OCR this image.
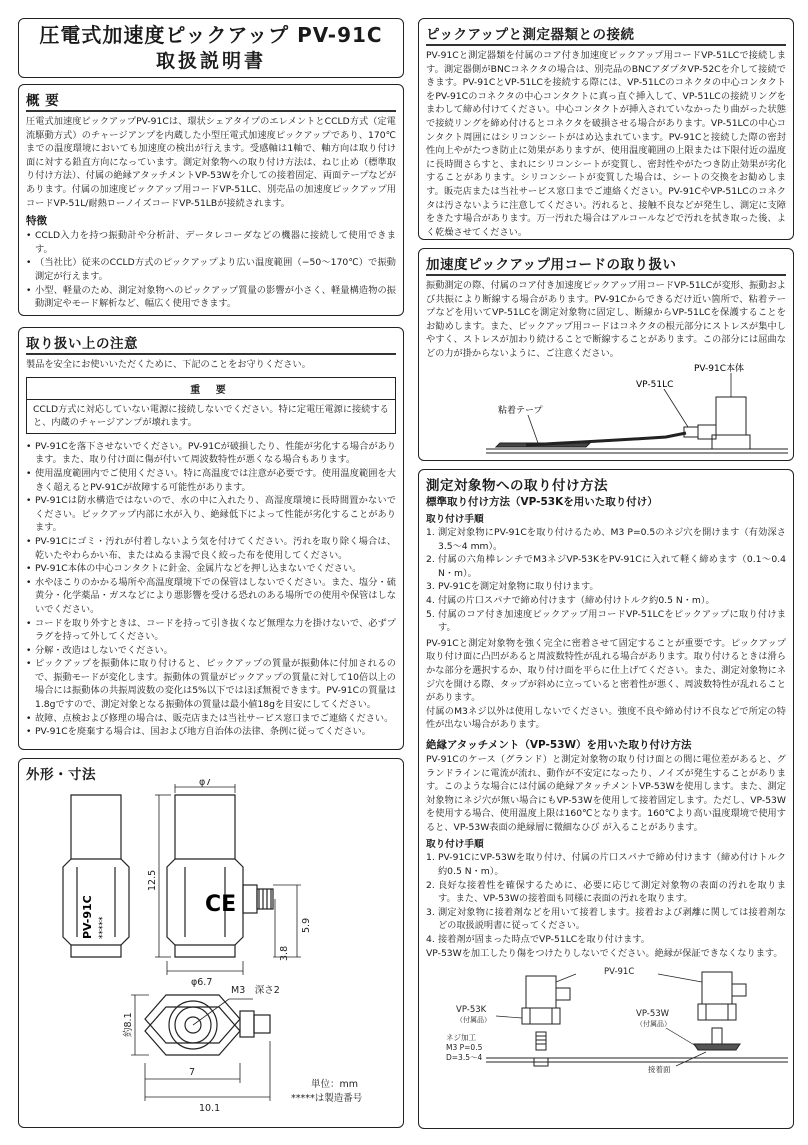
圧電式加速度ピックアップ PV-91C
取扱説明書
概 要

圧電式加速度ピックアップPV-91Cは、環状シェアタイプのエレメントとCCLD方式（定電流駆動方式）のチャージアンプを内蔵した小型圧電式加速度ピックアップであり、170℃までの温度環境においても加速度の検出が行えます。受感軸は1軸で、軸方向は取り付け面に対する鉛直方向になっています。測定対象物への取り付け方法は、ねじ止め（標準取り付け方法）、付属の絶縁アタッチメントVP-53Wを介しての接着固定、両面テープなどがあります。付属の加速度ピックアップ用コードVP-51LC、別売品の加速度ピックアップ用コードVP-51L/耐熱ローノイズコードVP-51LBが接続されます。

特徴
• CCLD入力を持つ振動計や分析計、データレコーダなどの機器に接続して使用できます。
• （当社比）従来のCCLD方式のピックアップより広い温度範囲（−50〜170℃）で振動測定が行えます。
• 小型、軽量のため、測定対象物へのピックアップ質量の影響が小さく、軽量構造物の振動測定やモード解析など、幅広く使用できます。
取り扱い上の注意

製品を安全にお使いいただくために、下記のことをお守りください。

重 要
CCLD方式に対応していない電源に接続しないでください。特に定電圧電源に接続すると、内蔵のチャージアンプが壊れます。
• PV-91Cを落下させないでください。PV-91Cが破損したり、性能が劣化する場合があります。また、取り付け面に傷が付いて周波数特性が悪くなる場合もあります。
• 使用温度範囲内でご使用ください。特に高温度では注意が必要です。使用温度範囲を大きく超えるとPV-91Cが故障する可能性があります。
• PV-91Cは防水構造ではないので、水の中に入れたり、高湿度環境に長時間置かないでください。ピックアップ内部に水が入り、絶縁低下によって性能が劣化することがあります。
• PV-91Cにゴミ・汚れが付着しないよう気を付けてください。汚れを取り除く場合は、乾いたやわらかい布、またはぬるま湯で良く絞った布を使用してください。
• PV-91C本体の中心コンタクトに針金、金属片などを押し込まないでください。
• 水やほこりのかかる場所や高温度環境下での保管はしないでください。また、塩分・硫黄分・化学薬品・ガスなどにより悪影響を受ける恐れのある場所での使用や保管はしないでください。
• コードを取り外すときは、コードを持って引き抜くなど無理な力を掛けないで、必ずプラグを持って外してください。
• 分解・改造はしないでください。
• ピックアップを振動体に取り付けると、ピックアップの質量が振動体に付加されるので、振動モードが変化します。振動体の質量がピックアップの質量に対して10倍以上の場合には振動体の共振周波数の変化は5%以下ではほぼ無視できます。PV-91Cの質量は1.8gですので、測定対象となる振動体の質量は最小値18gを目安にしてください。
• 故障、点検および修理の場合は、販売店または当社サービス窓口までご連絡ください。
• PV-91Cを廃棄する場合は、国および地方自治体の法律、条例に従ってください。
外形・寸法
CE
PV-91C *****
φ7
12.5
3.8
5.9
φ6.7
M3　深さ2
約8.1
7
10.1
単位：mm
*****は製造番号
ピックアップと測定器類との接続

PV-91Cと測定器類を付属のコア付き加速度ピックアップ用コードVP-51LCで接続します。測定器側がBNCコネクタの場合は、別売品のBNCアダプタVP-52Cを介して接続できます。PV-91CとVP-51LCを接続する際には、VP-51LCのコネクタの中心コンタクトをPV-91Cのコネクタの中心コンタクトに真っ直ぐ挿入して、VP-51LCの接続リングをまわして締め付けてください。中心コンタクトが挿入されていなかったり曲がった状態で接続リングを締め付けるとコネクタを破損させる場合があります。VP-51LCの中心コンタクト周囲にはシリコンシートがはめ込まれています。PV-91Cと接続した際の密封性向上やがたつき防止に効果がありますが、使用温度範囲の上限または下限付近の温度に長時間さらすと、まれにシリコンシートが変質し、密封性やがたつき防止効果が劣化することがあります。シリコンシートが変質した場合は、シートの交換をお勧めします。販売店または当社サービス窓口までご連絡ください。PV-91CやVP-51LCのコネクタは汚さないように注意してください。汚れると、接触不良などが発生し、測定に支障をきたす場合があります。万一汚れた場合はアルコールなどで汚れを拭き取った後、よく乾燥させてください。

加速度ピックアップ用コードの取り扱い

振動測定の際、付属のコア付き加速度ピックアップ用コードVP-51LCが変形、振動および共振により断線する場合があります。PV-91Cからできるだけ近い箇所で、粘着テープなどを用いてVP-51LCを測定対象物に固定し、断線からVP-51LCを保護することをお勧めします。また、ピックアップ用コードはコネクタの根元部分にストレスが集中しやすく、ストレスが加わり続けることで断線することがあります。この部分には屈曲などの力が掛からないように、ご注意ください。

PV-91C本体
VP-51LC
粘着テープ
測定対象物への取り付け方法
標準取り付け方法（VP-53Kを用いた取り付け）
取り付け手順
1. 測定対象物にPV-91Cを取り付けるため、M3 P=0.5のネジ穴を開けます（有効深さ3.5〜4 mm）。
2. 付属の六角棒レンチでM3ネジVP-53KをPV-91Cに入れて軽く締めます（0.1〜0.4 N・m）。
3. PV-91Cを測定対象物に取り付けます。
4. 付属の片口スパナで締め付けます（締め付けトルク約0.5 N・m）。
5. 付属のコア付き加速度ピックアップ用コードVP-51LCをピックアップに取り付けます。

PV-91Cと測定対象物を強く完全に密着させて固定することが重要です。ピックアップ取り付け面に凸凹があると周波数特性が乱れる場合があります。取り付けるときは滑らかな部分を選択するか、取り付け面を平らに仕上げてください。また、測定対象物にネジ穴を開ける際、タップが斜めに立っていると密着性が悪く、周波数特性が乱れることがあります。

付属のM3ネジ以外は使用しないでください。強度不良や締め付け不良などで所定の特性が出ない場合があります。

絶縁アタッチメント（VP-53W）を用いた取り付け方法

PV-91Cのケース（グランド）と測定対象物の取り付け面との間に電位差があると、グランドラインに電流が流れ、動作が不安定になったり、ノイズが発生することがあります。このような場合には付属の絶縁アタッチメントVP-53Wを使用します。また、測定対象物にネジ穴が無い場合にもVP-53Wを使用して接着固定します。ただし、VP-53Wを使用する場合、使用温度上限は160℃となります。160℃より高い温度環境で使用すると、VP-53W表面の絶縁層に微細なひび が入ることがあります。

取り付け手順
1. PV-91CにVP-53Wを取り付け、付属の片口スパナで締め付けます（締め付けトルク約0.5 N・m）。
2. 良好な接着性を確保するために、必要に応じて測定対象物の表面の汚れを取ります。また、VP-53Wの接着面も同様に表面の汚れを取ります。
3. 測定対象物に接着剤などを用いて接着します。接着および剥離に関しては接着剤などの取扱説明書に従ってください。
4. 接着剤が固まった時点でVP-51LCを取り付けます。

VP-53Wを加工したり傷をつけたりしないでください。絶縁が保証できなくなります。

PV-91C
VP-53K
（付属品）
VP-53W
（付属品）
ネジ加工
M3 P=0.5
D=3.5〜4
接着面
